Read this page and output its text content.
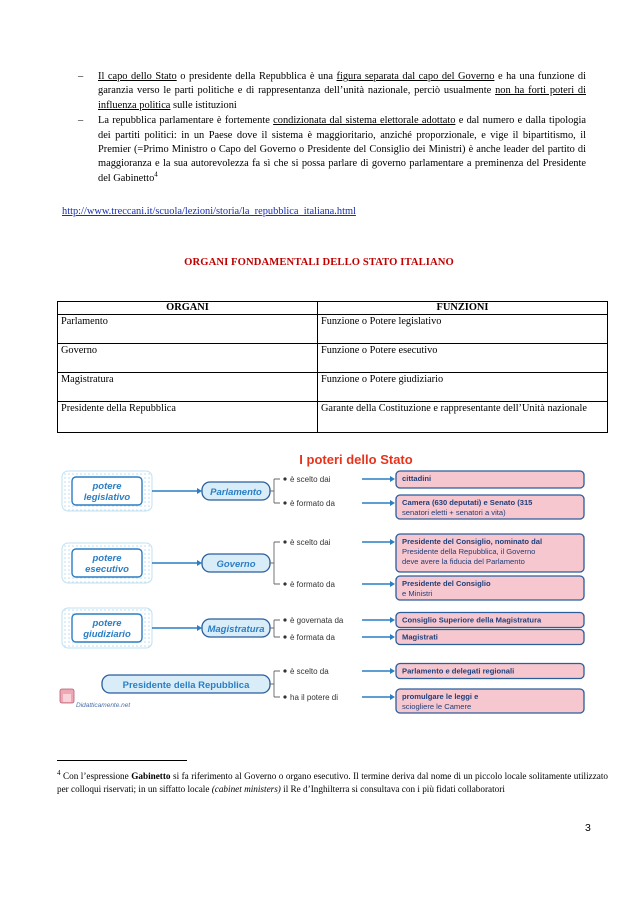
– Il capo dello Stato o presidente della Repubblica è una figura separata dal capo del Governo e ha una funzione di garanzia verso le parti politiche e di rappresentanza dell’unità nazionale, perciò usualmente non ha forti poteri di influenza politica sulle istituzioni
– La repubblica parlamentare è fortemente condizionata dal sistema elettorale adottato e dal numero e dalla tipologia dei partiti politici: in un Paese dove il sistema è maggioritario, anziché proporzionale, e vige il bipartitismo, il Premier (=Primo Ministro o Capo del Governo o Presidente del Consiglio dei Ministri) è anche leader del partito di maggioranza e la sua autorevolezza fa sì che si possa parlare di governo parlamentare a preminenza del Presidente del Gabinetto$^4$
http://www.treccani.it/scuola/lezioni/storia/la_repubblica_italiana.html
ORGANI FONDAMENTALI DELLO STATO ITALIANO
ORGANI	FUNZIONI
Parlamento	Funzione o Potere legislativo
Governo	Funzione o Potere esecutivo
Magistratura	Funzione o Potere giudiziario
Presidente della Repubblica	Garante della Costituzione e rappresentante dell’Unità nazionale
I poteri dello Stato
potere
legislativo	Parlamento
è scelto dai	cittadini
è formato da	Camera (630 deputati) e Senato (315
senatori eletti + senatori a vita)
potere
esecutivo	Governo
è scelto dai	Presidente del Consiglio, nominato dal
Presidente della Repubblica, il Governo
deve avere la fiducia del Parlamento
è formato da	Presidente del Consiglio
e Ministri
potere
giudiziario	Magistratura
è governata da	Consiglio Superiore della Magistratura
è formata da	Magistrati
Presidente della Repubblica
è scelto da	Parlamento e delegati regionali
ha il potere di	promulgare le leggi e
sciogliere le Camere
Didatticamente.net
$^4$ Con l’espressione Gabinetto si fa riferimento al Governo o organo esecutivo. Il termine deriva dal nome di un piccolo locale solitamente utilizzato per colloqui riservati; in un siffatto locale (cabinet ministers) il Re d’Inghilterra si consultava con i più fidati collaboratori
3
